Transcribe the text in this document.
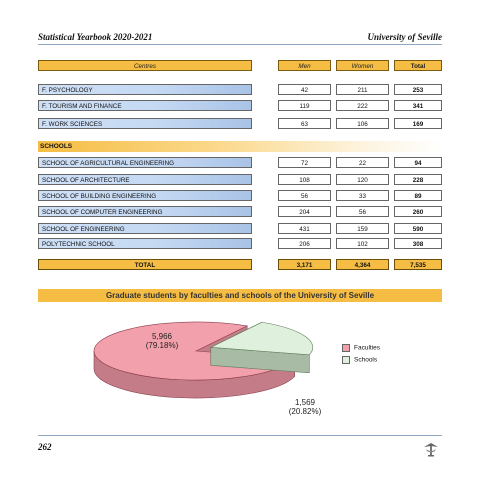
Statistical Yearbook 2020-2021	University of Seville
Centres	Men	Women	Total
F. PSYCHOLOGY	42	211	253
F. TOURISM AND FINANCE	119	222	341
F. WORK SCIENCES	63	106	169
SCHOOLS
SCHOOL OF AGRICULTURAL ENGINEERING	72	22	94
SCHOOL OF ARCHITECTURE	108	120	228
SCHOOL OF BUILDING ENGINEERING	56	33	89
SCHOOL OF COMPUTER ENGINEERING	204	56	260
SCHOOL OF ENGINEERING	431	159	590
POLYTECHNIC SCHOOL	206	102	308
TOTAL	3,171	4,364	7,535
Graduate students by faculties and schools of the University of Seville
5,966
(79.18%)
1,569
(20.82%)
Faculties
Schools
262
